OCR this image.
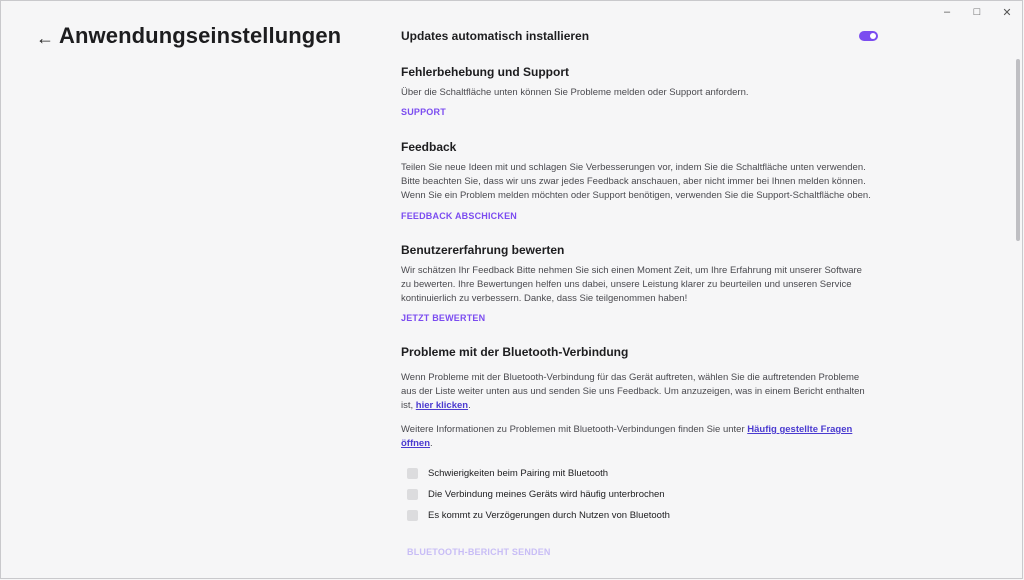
–	□	✕
← Anwendungseinstellungen	Updates automatisch installieren
Fehlerbehebung und Support

Über die Schaltfläche unten können Sie Probleme melden oder Support anfordern.

SUPPORT
Feedback

Teilen Sie neue Ideen mit und schlagen Sie Verbesserungen vor, indem Sie die Schaltfläche unten verwenden. Bitte beachten Sie, dass wir uns zwar jedes Feedback anschauen, aber nicht immer bei Ihnen melden können. Wenn Sie ein Problem melden möchten oder Support benötigen, verwenden Sie die Support-Schaltfläche oben.

FEEDBACK ABSCHICKEN
Benutzererfahrung bewerten

Wir schätzen Ihr Feedback Bitte nehmen Sie sich einen Moment Zeit, um Ihre Erfahrung mit unserer Software zu bewerten. Ihre Bewertungen helfen uns dabei, unsere Leistung klarer zu beurteilen und unseren Service kontinuierlich zu verbessern. Danke, dass Sie teilgenommen haben!

JETZT BEWERTEN
Probleme mit der Bluetooth-Verbindung

Wenn Probleme mit der Bluetooth-Verbindung für das Gerät auftreten, wählen Sie die auftretenden Probleme aus der Liste weiter unten aus und senden Sie uns Feedback. Um anzuzeigen, was in einem Bericht enthalten ist, hier klicken.

Weitere Informationen zu Problemen mit Bluetooth-Verbindungen finden Sie unter Häufig gestellte Fragen öffnen.

Schwierigkeiten beim Pairing mit Bluetooth
Die Verbindung meines Geräts wird häufig unterbrochen
Es kommt zu Verzögerungen durch Nutzen von Bluetooth
BLUETOOTH-BERICHT SENDEN
